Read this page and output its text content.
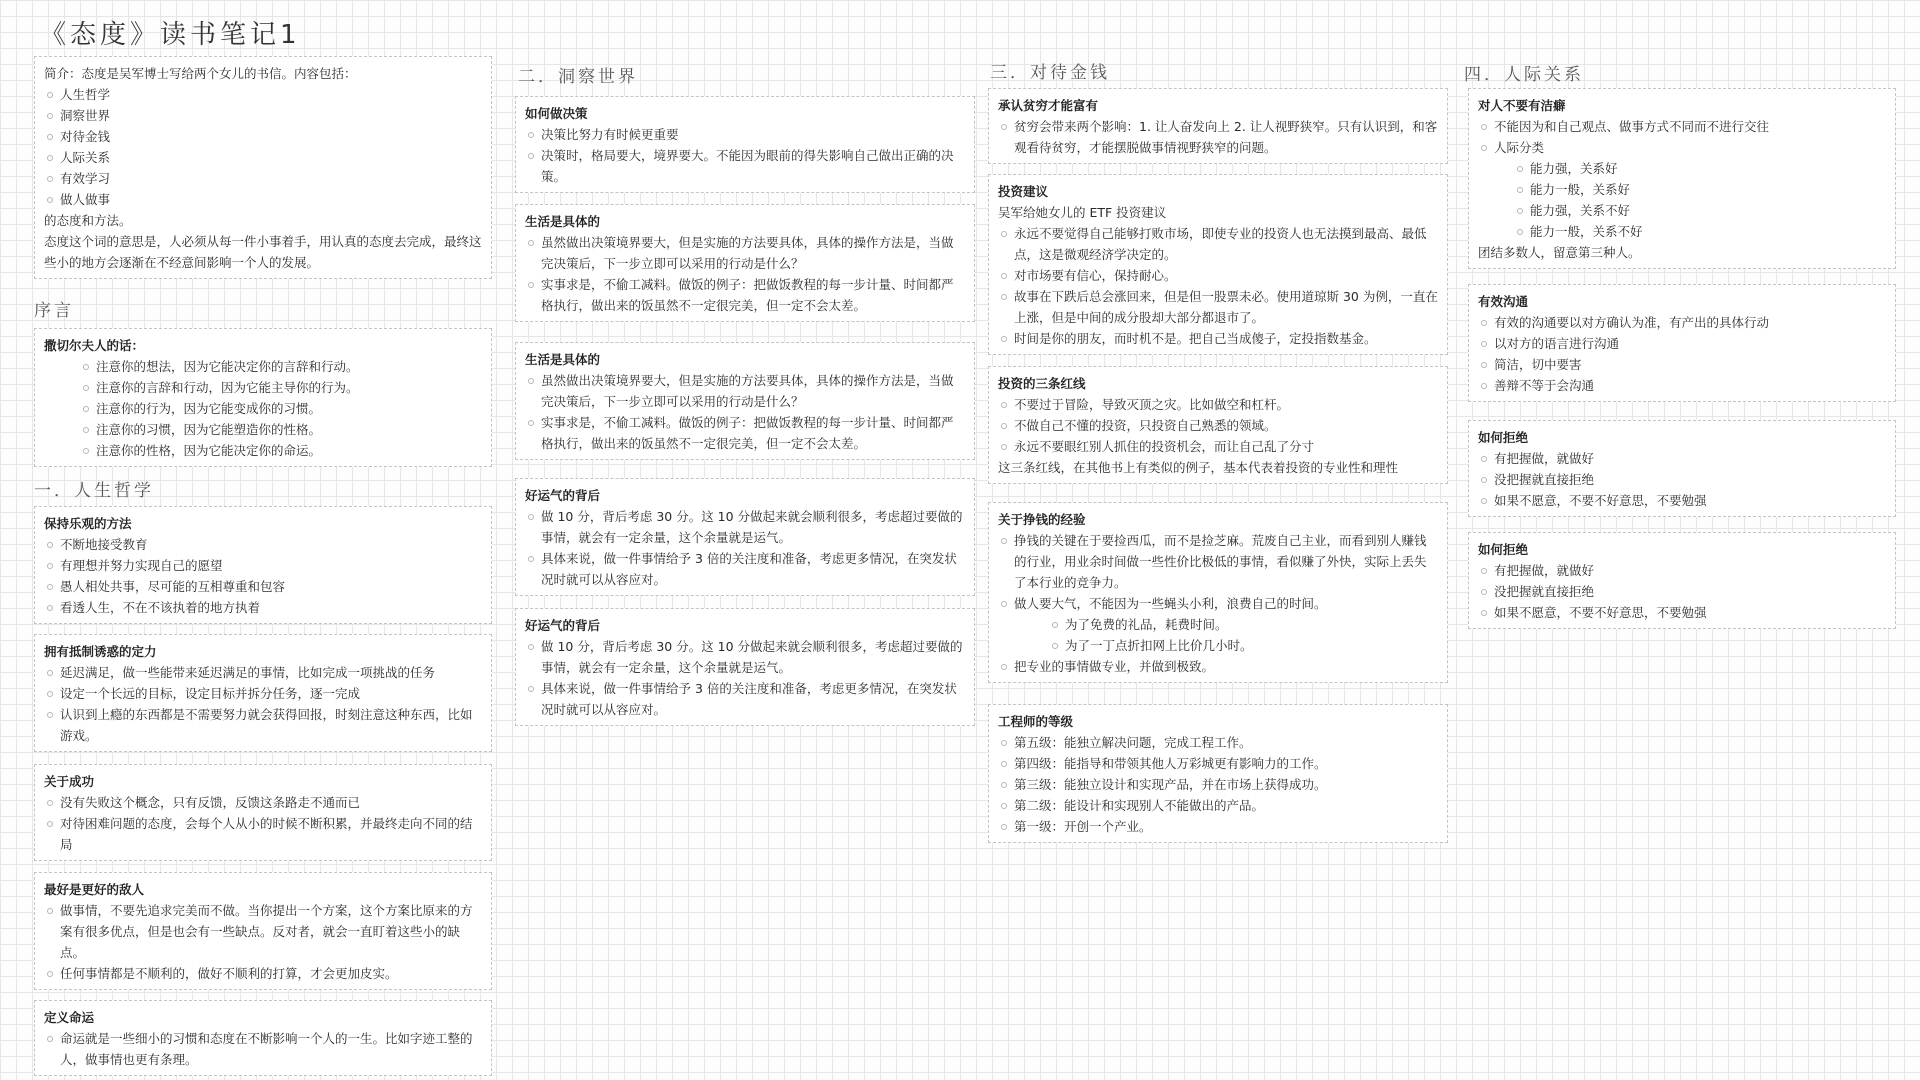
《态度》读书笔记1

简介：态度是吴军博士写给两个女儿的书信。内容包括：

人生哲学
洞察世界
对待金钱
人际关系
有效学习
做人做事

的态度和方法。

态度这个词的意思是，人必须从每一件小事着手，用认真的态度去完成，最终这些小的地方会逐渐在不经意间影响一个人的发展。

序言
撒切尔夫人的话：
注意你的想法，因为它能决定你的言辞和行动。
注意你的言辞和行动，因为它能主导你的行为。
注意你的行为，因为它能变成你的习惯。
注意你的习惯，因为它能塑造你的性格。
注意你的性格，因为它能决定你的命运。
一．人生哲学
保持乐观的方法
不断地接受教育
有理想并努力实现自己的愿望
愚人相处共事，尽可能的互相尊重和包容
看透人生，不在不该执着的地方执着
拥有抵制诱惑的定力
延迟满足，做一些能带来延迟满足的事情，比如完成一项挑战的任务
设定一个长远的目标，设定目标并拆分任务，逐一完成
认识到上瘾的东西都是不需要努力就会获得回报，时刻注意这种东西，比如游戏。
关于成功
没有失败这个概念，只有反馈，反馈这条路走不通而已
对待困难问题的态度，会每个人从小的时候不断积累，并最终走向不同的结局
最好是更好的敌人
做事情，不要先追求完美而不做。当你提出一个方案，这个方案比原来的方案有很多优点，但是也会有一些缺点。反对者，就会一直盯着这些小的缺点。
任何事情都是不顺利的，做好不顺利的打算，才会更加皮实。
定义命运
命运就是一些细小的习惯和态度在不断影响一个人的一生。比如字迹工整的人，做事情也更有条理。
二．洞察世界
如何做决策
决策比努力有时候更重要
决策时，格局要大，境界要大。不能因为眼前的得失影响自己做出正确的决策。
生活是具体的
虽然做出决策境界要大，但是实施的方法要具体，具体的操作方法是，当做完决策后，下一步立即可以采用的行动是什么？
实事求是，不偷工减料。做饭的例子：把做饭教程的每一步计量、时间都严格执行，做出来的饭虽然不一定很完美，但一定不会太差。
生活是具体的
虽然做出决策境界要大，但是实施的方法要具体，具体的操作方法是，当做完决策后，下一步立即可以采用的行动是什么？
实事求是，不偷工减料。做饭的例子：把做饭教程的每一步计量、时间都严格执行，做出来的饭虽然不一定很完美，但一定不会太差。
好运气的背后
做 10 分，背后考虑 30 分。这 10 分做起来就会顺利很多，考虑超过要做的事情，就会有一定余量，这个余量就是运气。
具体来说，做一件事情给予 3 倍的关注度和准备，考虑更多情况，在突发状况时就可以从容应对。
好运气的背后
做 10 分，背后考虑 30 分。这 10 分做起来就会顺利很多，考虑超过要做的事情，就会有一定余量，这个余量就是运气。
具体来说，做一件事情给予 3 倍的关注度和准备，考虑更多情况，在突发状况时就可以从容应对。
三．对待金钱
承认贫穷才能富有
贫穷会带来两个影响：1. 让人奋发向上 2. 让人视野狭窄。只有认识到，和客观看待贫穷，才能摆脱做事情视野狭窄的问题。
投资建议

吴军给她女儿的 ETF 投资建议

永远不要觉得自己能够打败市场，即使专业的投资人也无法摸到最高、最低点，这是微观经济学决定的。
对市场要有信心，保持耐心。
故事在下跌后总会涨回来，但是但一股票未必。使用道琼斯 30 为例，一直在上涨，但是中间的成分股却大部分都退市了。
时间是你的朋友，而时机不是。把自己当成傻子，定投指数基金。
投资的三条红线
不要过于冒险，导致灭顶之灾。比如做空和杠杆。
不做自己不懂的投资，只投资自己熟悉的领域。
永远不要眼红别人抓住的投资机会，而让自己乱了分寸

这三条红线，在其他书上有类似的例子，基本代表着投资的专业性和理性

关于挣钱的经验
挣钱的关键在于要捡西瓜，而不是捡芝麻。荒废自己主业，而看到别人赚钱的行业，用业余时间做一些性价比极低的事情，看似赚了外快，实际上丢失了本行业的竞争力。
做人要大气，不能因为一些蝇头小利，浪费自己的时间。
为了免费的礼品，耗费时间。
为了一丁点折扣网上比价几小时。
把专业的事情做专业，并做到极致。
工程师的等级
第五级：能独立解决问题，完成工程工作。
第四级：能指导和带领其他人万彩城更有影响力的工作。
第三级：能独立设计和实现产品，并在市场上获得成功。
第二级：能设计和实现别人不能做出的产品。
第一级：开创一个产业。
四．人际关系
对人不要有洁癖
不能因为和自己观点、做事方式不同而不进行交往
人际分类
能力强，关系好
能力一般，关系好
能力强，关系不好
能力一般，关系不好

团结多数人，留意第三种人。

有效沟通
有效的沟通要以对方确认为准，有产出的具体行动
以对方的语言进行沟通
简洁，切中要害
善辩不等于会沟通
如何拒绝
有把握做，就做好
没把握就直接拒绝
如果不愿意，不要不好意思，不要勉强
如何拒绝
有把握做，就做好
没把握就直接拒绝
如果不愿意，不要不好意思，不要勉强
